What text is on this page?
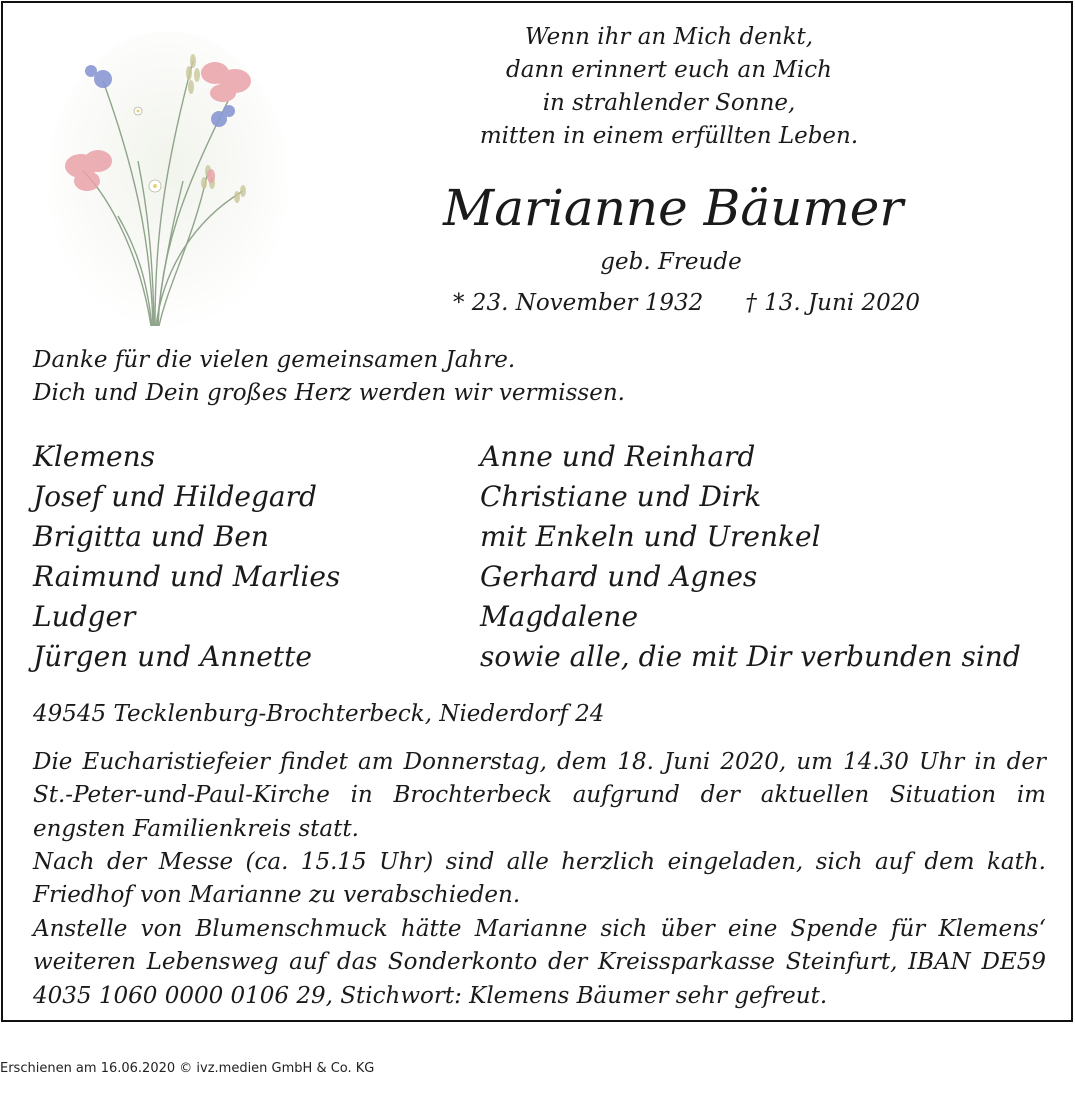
Wenn ihr an Mich denkt,
dann erinnert euch an Mich
in strahlender Sonne,
mitten in einem erfüllten Leben.
Marianne Bäumer
geb. Freude
* 23. November 1932 † 13. Juni 2020
Danke für die vielen gemeinsamen Jahre.
Dich und Dein großes Herz werden wir vermissen.
Klemens
Josef und Hildegard
Brigitta und Ben
Raimund und Marlies
Ludger
Jürgen und Annette
Anne und Reinhard
Christiane und Dirk
mit Enkeln und Urenkel
Gerhard und Agnes
Magdalene
sowie alle, die mit Dir verbunden sind
49545 Tecklenburg-Brochterbeck, Niederdorf 24
Die Eucharistiefeier findet am Donnerstag, dem 18. Juni 2020, um 14.30 Uhr in der St.-Peter-und-Paul-Kirche in Brochterbeck aufgrund der aktuellen Situation im engsten Familienkreis statt.
Nach der Messe (ca. 15.15 Uhr) sind alle herzlich eingeladen, sich auf dem kath. Friedhof von Marianne zu verabschieden.
Anstelle von Blumenschmuck hätte Marianne sich über eine Spende für Klemens‘ weiteren Lebensweg auf das Sonderkonto der Kreissparkasse Steinfurt, IBAN DE59 4035 1060 0000 0106 29, Stichwort: Klemens Bäumer sehr gefreut.
Erschienen am 16.06.2020 © ivz.medien GmbH & Co. KG
